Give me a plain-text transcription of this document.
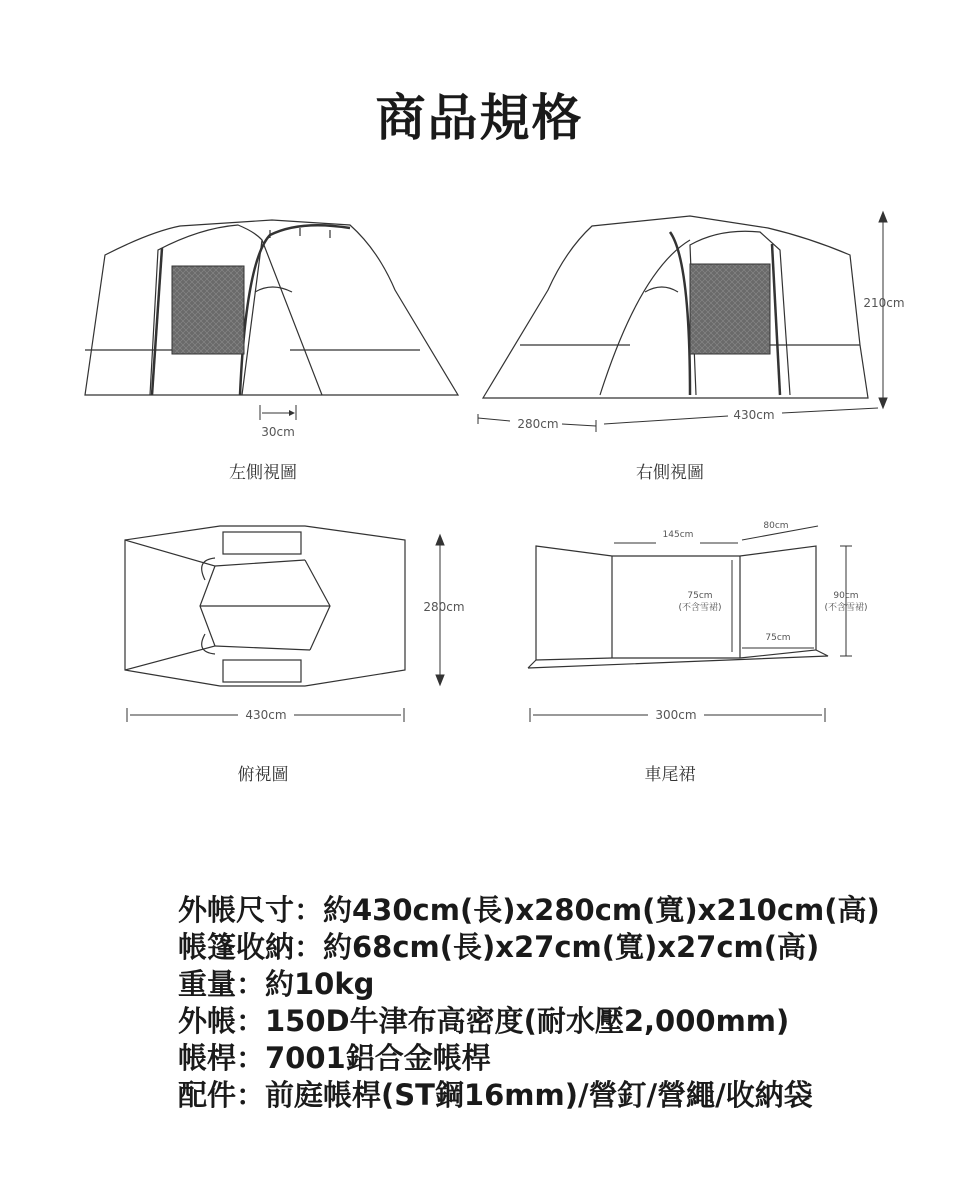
商品規格
30cm
左側視圖
210cm
280cm
430cm
右側視圖
280cm
430cm
俯視圖
145cm
80cm
75cm
(不含雪裙)
90cm
(不含雪裙)
75cm
300cm
車尾裙
外帳尺寸：約430cm(長)x280cm(寬)x210cm(高)
帳篷收納：約68cm(長)x27cm(寬)x27cm(高)
重量：約10kg
外帳：150D牛津布高密度(耐水壓2,000mm)
帳桿：7001鋁合金帳桿
配件：前庭帳桿(ST鋼16mm)/營釘/營繩/收納袋
